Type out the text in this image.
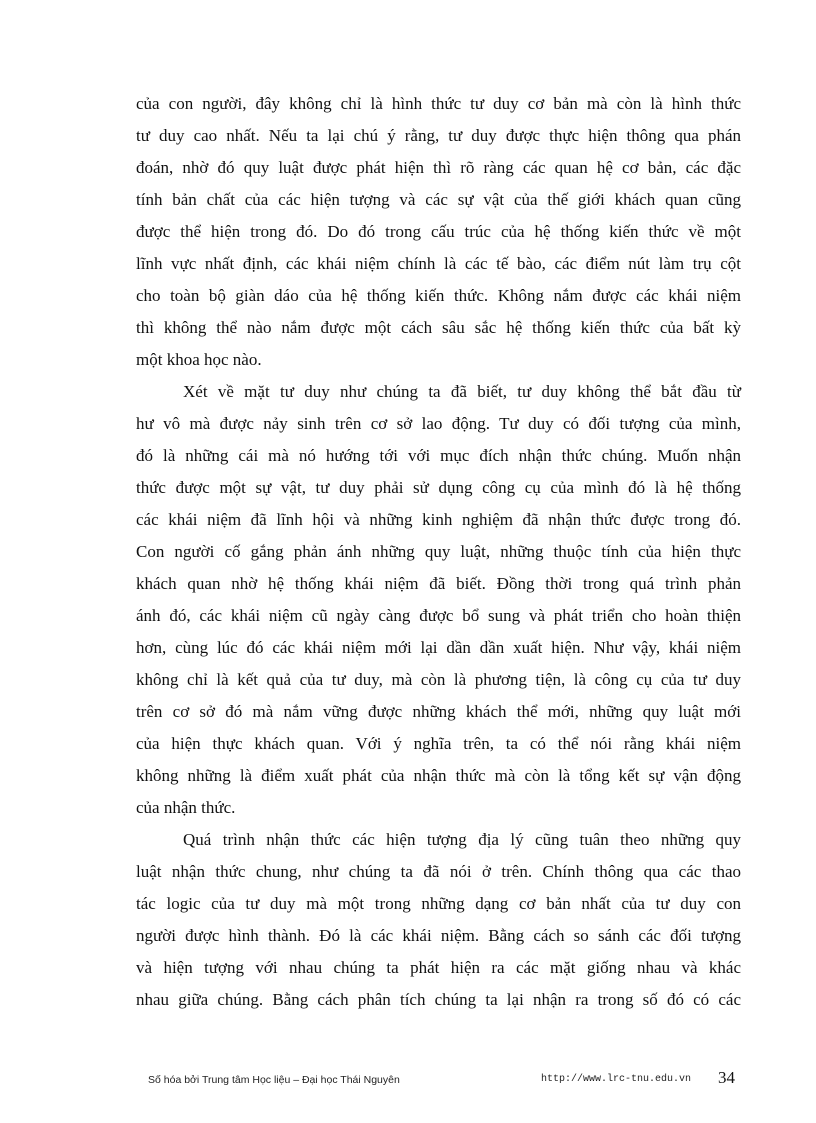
của con người, đây không chỉ là hình thức tư duy cơ bản mà còn là hình thức
tư duy cao nhất. Nếu ta lại chú ý rằng, tư duy được thực hiện thông qua phán
đoán, nhờ đó quy luật được phát hiện thì rõ ràng các quan hệ cơ bản, các đặc
tính bản chất của các hiện tượng và các sự vật của thế giới khách quan cũng
được thể hiện trong đó. Do đó trong cấu trúc của hệ thống kiến thức về một
lĩnh vực nhất định, các khái niệm chính là các tế bào, các điểm nút làm trụ cột
cho toàn bộ giàn dáo của hệ thống kiến thức. Không nắm được các khái niệm
thì không thể nào nắm được một cách sâu sắc hệ thống kiến thức của bất kỳ
một khoa học nào.
Xét về mặt tư duy như chúng ta đã biết, tư duy không thể bắt đầu từ
hư vô mà được nảy sinh trên cơ sở lao động. Tư duy có đối tượng của mình,
đó là những cái mà nó hướng tới với mục đích nhận thức chúng. Muốn nhận
thức được một sự vật, tư duy phải sử dụng công cụ của mình đó là hệ thống
các khái niệm đã lĩnh hội và những kinh nghiệm đã nhận thức được trong đó.
Con người cố gắng phản ánh những quy luật, những thuộc tính của hiện thực
khách quan nhờ hệ thống khái niệm đã biết. Đồng thời trong quá trình phản
ánh đó, các khái niệm cũ ngày càng được bổ sung và phát triển cho hoàn thiện
hơn, cùng lúc đó các khái niệm mới lại dần dần xuất hiện. Như vậy, khái niệm
không chỉ là kết quả của tư duy, mà còn là phương tiện, là công cụ của tư duy
trên cơ sở đó mà nắm vững được những khách thể mới, những quy luật mới
của hiện thực khách quan. Với ý nghĩa trên, ta có thể nói rằng khái niệm
không những là điểm xuất phát của nhận thức mà còn là tổng kết sự vận động
của nhận thức.
Quá trình nhận thức các hiện tượng địa lý cũng tuân theo những quy
luật nhận thức chung, như chúng ta đã nói ở trên. Chính thông qua các thao
tác logic của tư duy mà một trong những dạng cơ bản nhất của tư duy con
người được hình thành. Đó là các khái niệm. Bằng cách so sánh các đối tượng
và hiện tượng với nhau chúng ta phát hiện ra các mặt giống nhau và khác
nhau giữa chúng. Bằng cách phân tích chúng ta lại nhận ra trong số đó có các
Số hóa bởi Trung tâm Học liệu – Đại học Thái Nguyên	http://www.lrc-tnu.edu.vn 34
